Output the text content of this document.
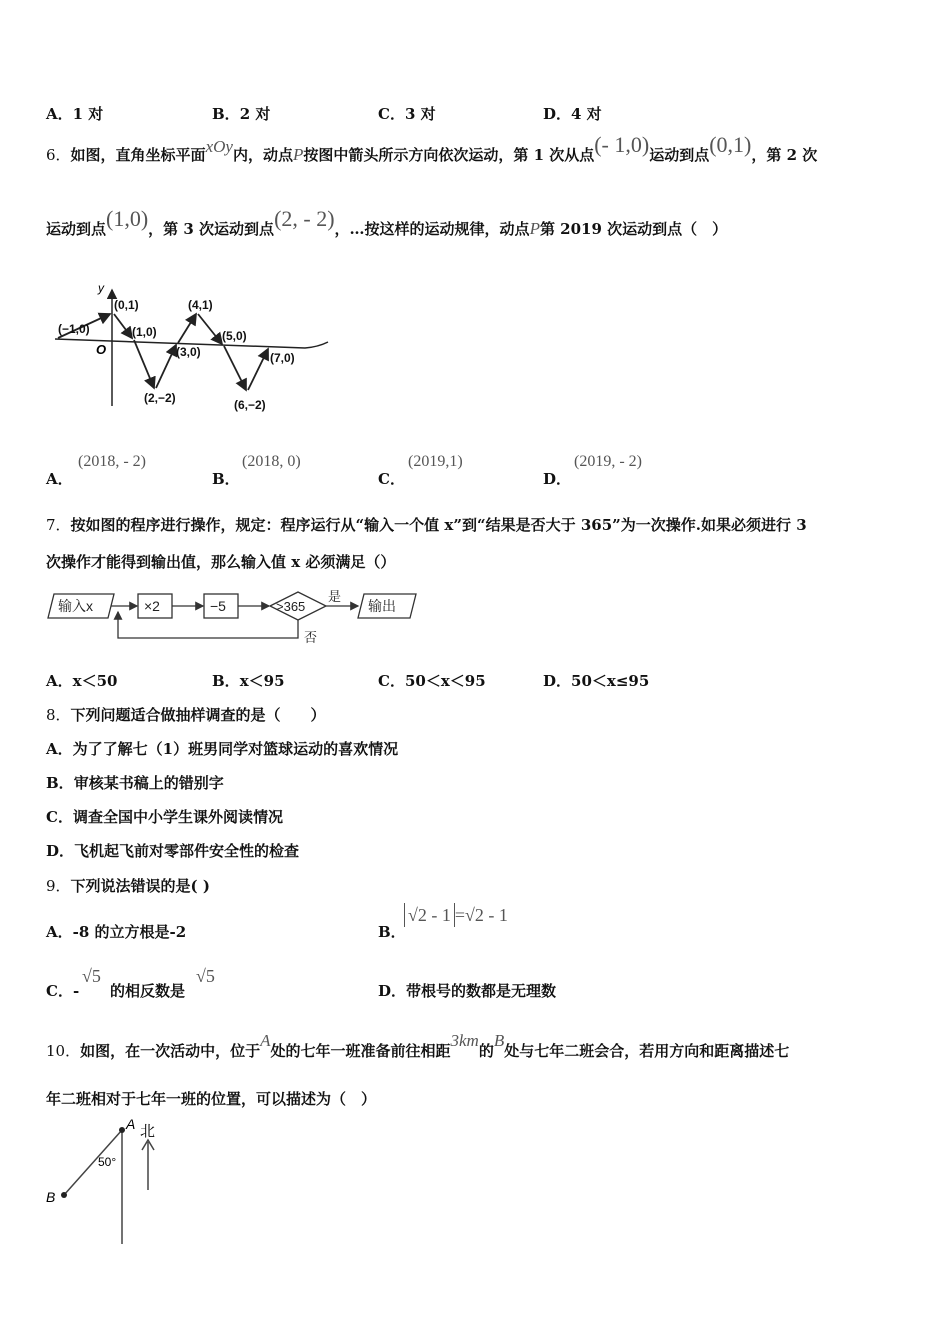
A．1 对	B．2 对	C．3 对	D．4 对
6．如图，直角坐标平面xOy内，动点P按图中箭头所示方向依次运动，第 1 次从点(- 1,0)运动到点(0,1)，第 2 次
运动到点(1,0)，第 3 次运动到点(2, - 2)，…按这样的运动规律，动点P第 2019 次运动到点（　）
y
O
(−1,0)
(0,1)
(1,0)
(2,−2)
(3,0)
(4,1)
(5,0)
(6,−2)
(7,0)
A．
(2018, - 2)
B．
(2018, 0)
C．
(2019,1)
D．
(2019, - 2)
7．按如图的程序进行操作，规定：程序运行从“输入一个值 x”到“结果是否大于 365”为一次操作.如果必须进行 3
次操作才能得到输出值，那么输入值 x 必须满足（）
输入x	×2	−5	>365
是
否
输出
A．x＜50	B．x＜95	C．50＜x＜95	D．50＜x≤95
8．下列问题适合做抽样调查的是（　　）
A．为了了解七（1）班男同学对篮球运动的喜欢情况
B．审核某书稿上的错别字
C．调查全国中小学生课外阅读情况
D．飞机起飞前对零部件安全性的检查
9．下列说法错误的是( )
A．-8 的立方根是-2	B．
√2 - 1 =√2 - 1
C．-
√5
的相反数是
√5
D．带根号的数都是无理数
10．如图，在一次活动中，位于A处的七年一班准备前往相距3km的B处与七年二班会合，若用方向和距离描述七
年二班相对于七年一班的位置，可以描述为（　）
A
B
北
50°
